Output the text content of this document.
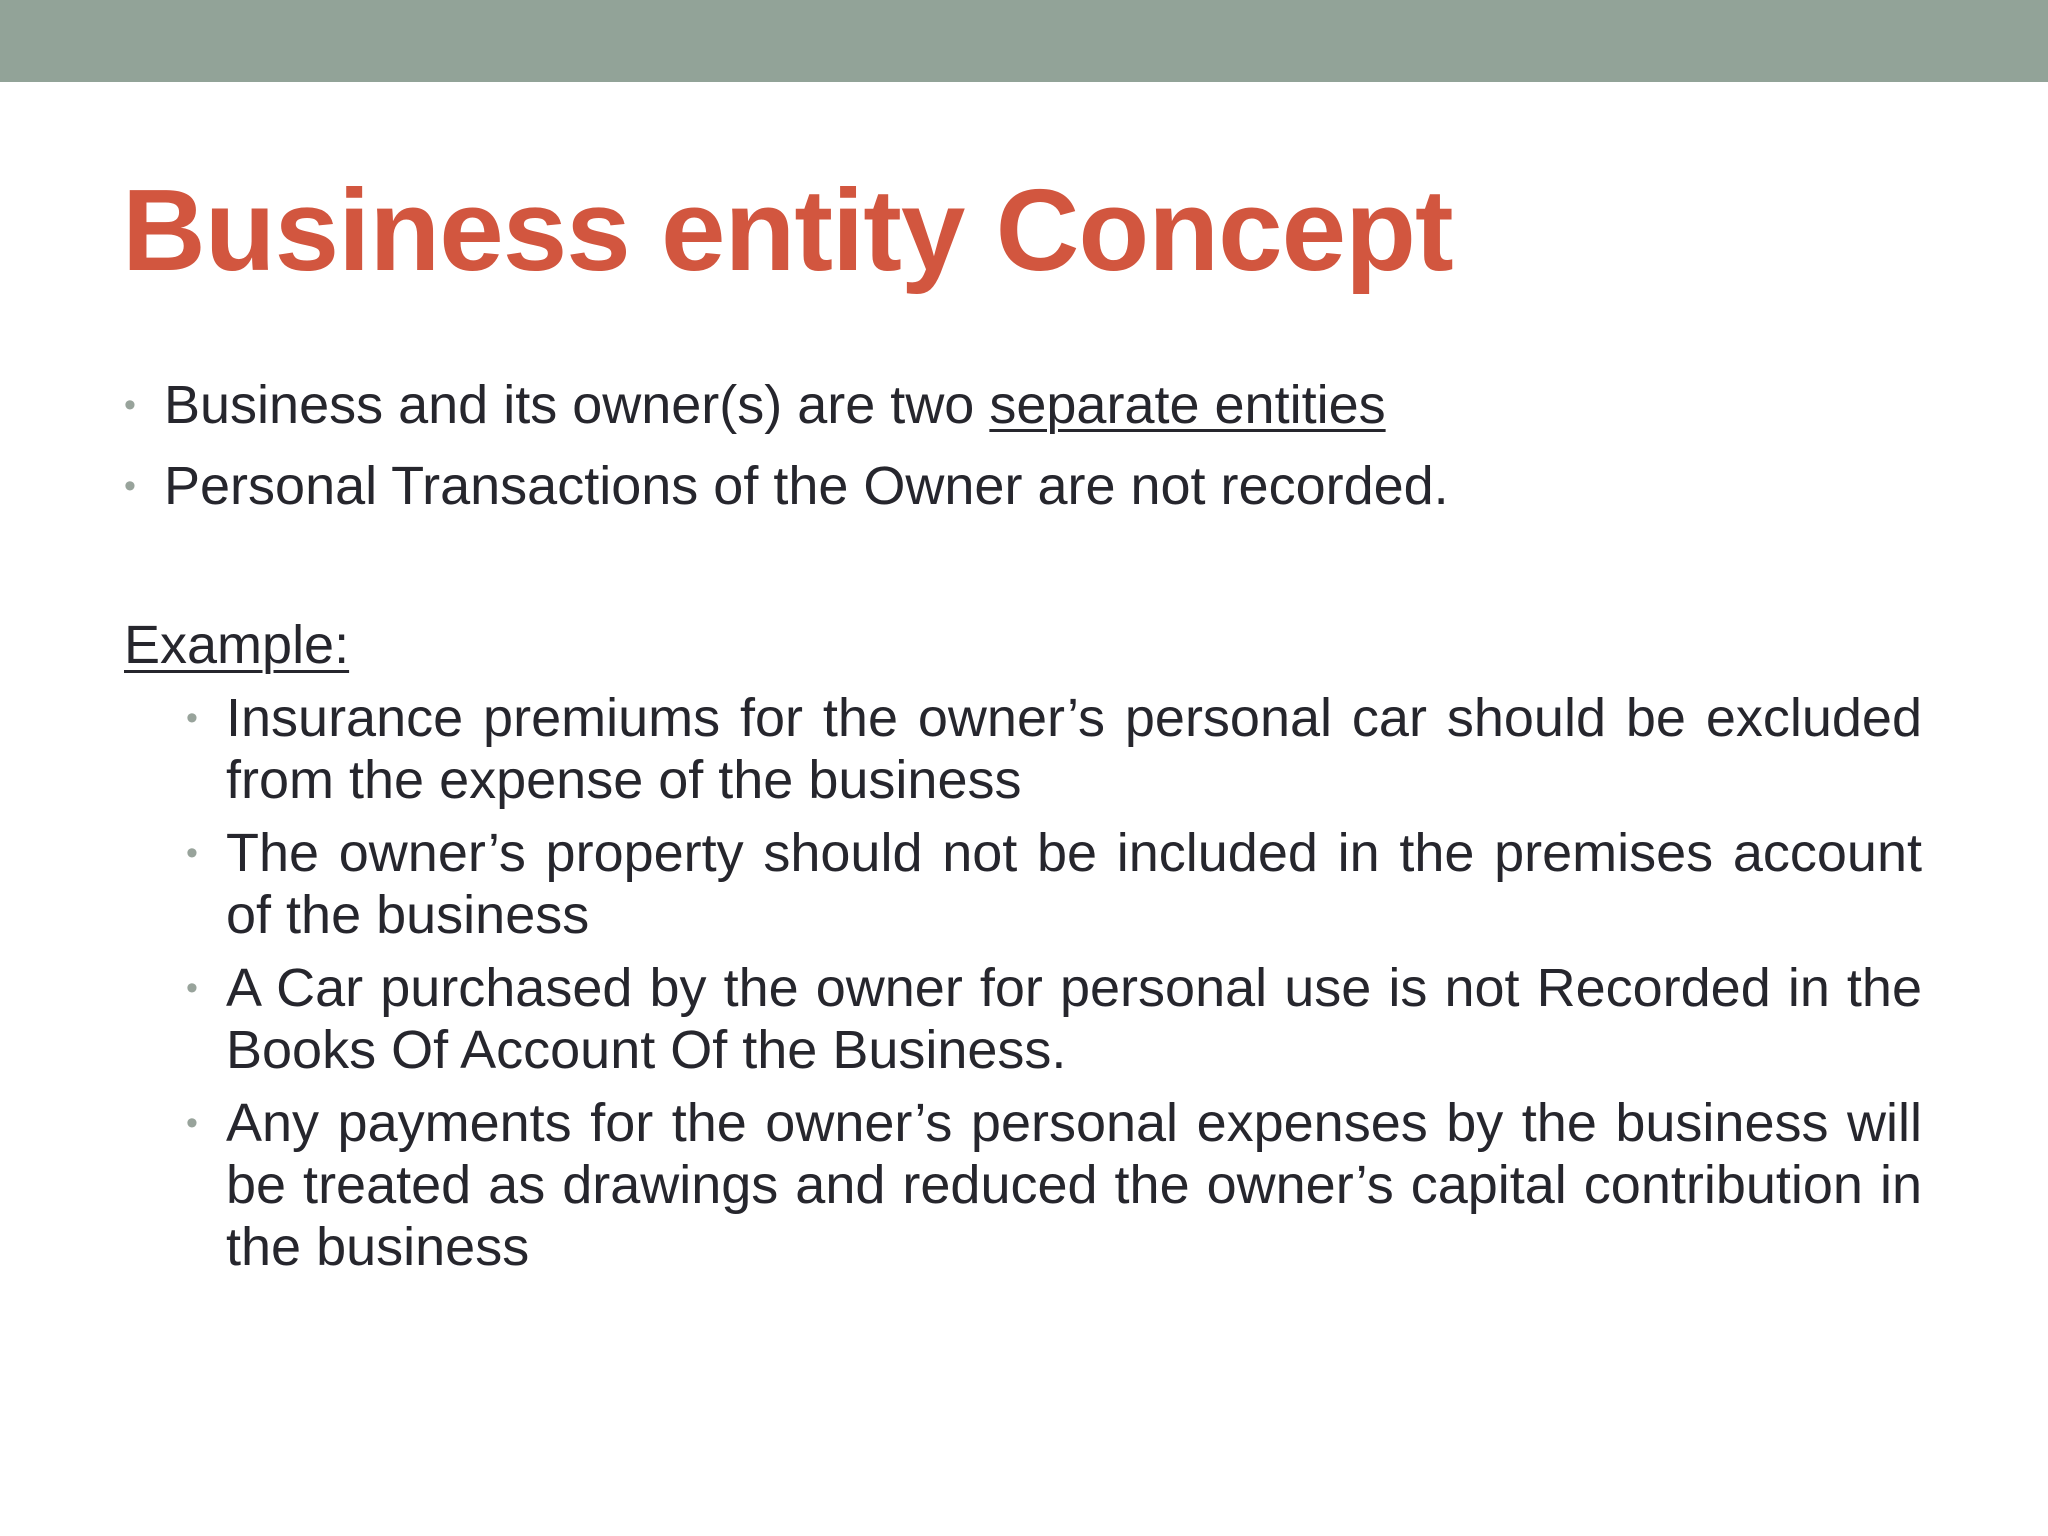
Business entity Concept
• Business and its owner(s) are two separate entities
• Personal Transactions of the Owner are not recorded.

Example:

• Insurance premiums for the owner’s personal car should be excluded from the expense of the business
• The owner’s property should not be included in the premises account of the business
• A Car purchased by the owner for personal use is not Recorded in the Books Of Account Of the Business.
• Any payments for the owner’s personal expenses by the business will be treated as drawings and reduced the owner’s capital contribution in the business
